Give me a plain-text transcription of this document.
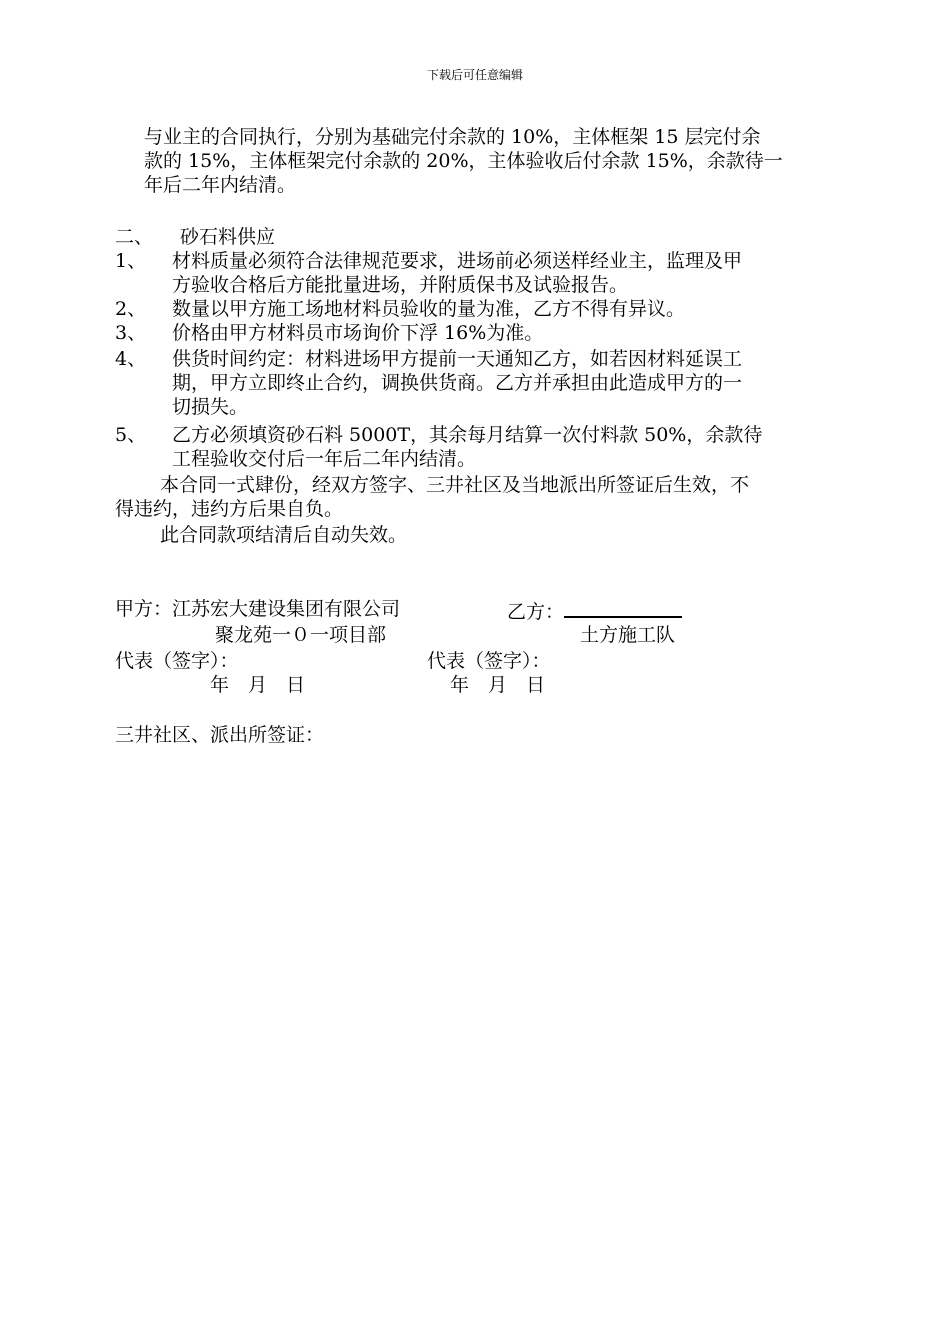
下载后可任意编辑
与业主的合同执行，分别为基础完付余款的 10%，主体框架 15 层完付余
款的 15%，主体框架完付余款的 20%，主体验收后付余款 15%，余款待一
年后二年内结清。
二、 砂石料供应
1、 材料质量必须符合法律规范要求，进场前必须送样经业主，监理及甲
方验收合格后方能批量进场，并附质保书及试验报告。
2、 数量以甲方施工场地材料员验收的量为准，乙方不得有异议。
3、 价格由甲方材料员市场询价下浮 16%为准。
4、 供货时间约定：材料进场甲方提前一天通知乙方，如若因材料延误工
期，甲方立即终止合约，调换供货商。乙方并承担由此造成甲方的一
切损失。
5、 乙方必须填资砂石料 5000T，其余每月结算一次付料款 50%，余款待
工程验收交付后一年后二年内结清。
本合同一式肆份，经双方签字、三井社区及当地派出所签证后生效，不
得违约，违约方后果自负。
此合同款项结清后自动失效。
甲方：江苏宏大建设集团有限公司	乙方：
聚龙苑一０一项目部	土方施工队
代表（签字）：	代表（签字）：
年　月　日	年　月　日
三井社区、派出所签证：
